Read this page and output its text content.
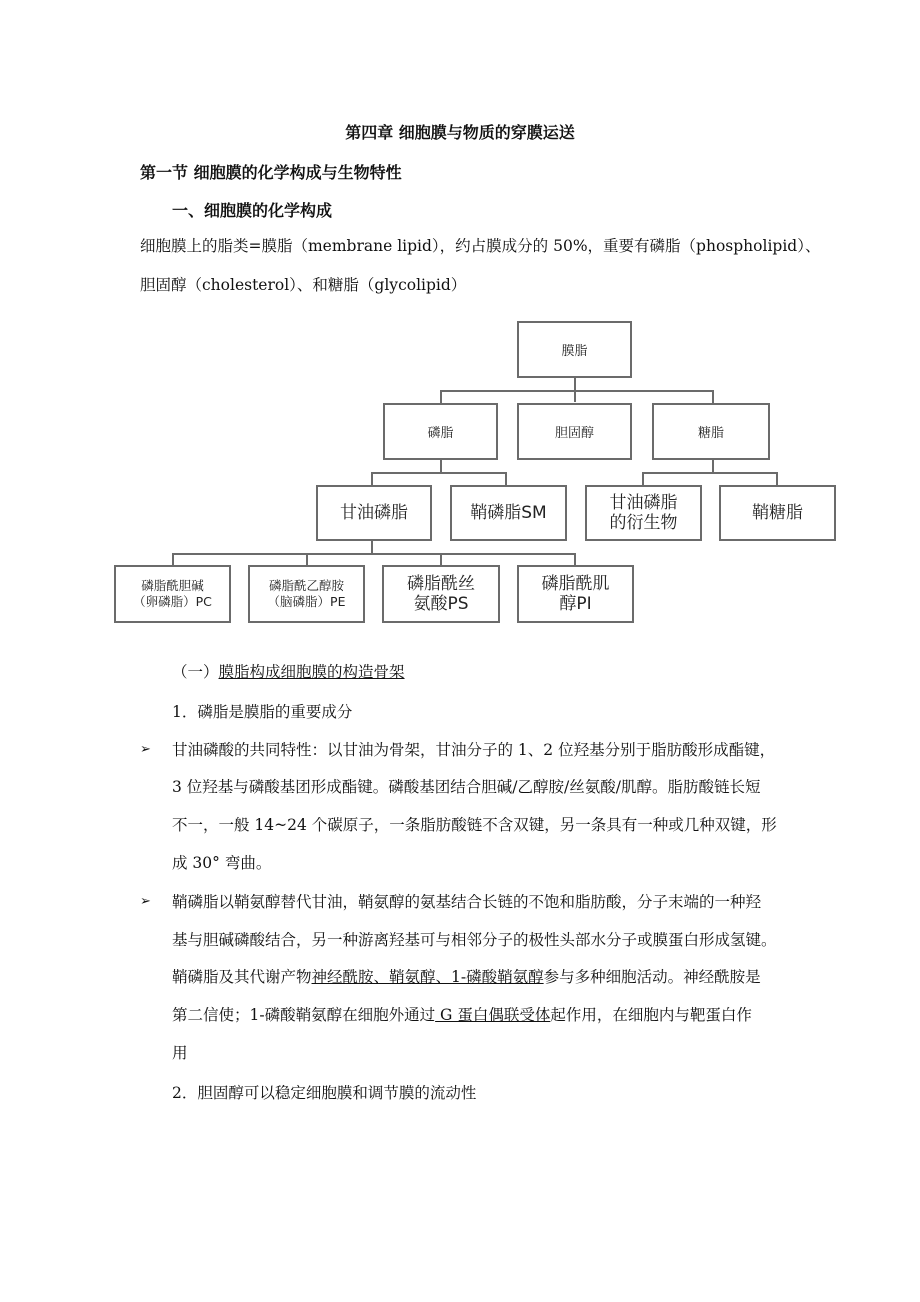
第四章 细胞膜与物质的穿膜运送
第一节 细胞膜的化学构成与生物特性
一、细胞膜的化学构成
细胞膜上的脂类=膜脂（membrane lipid），约占膜成分的 50%，重要有磷脂（phospholipid）、
胆固醇（cholesterol）、和糖脂（glycolipid）
膜脂
磷脂	胆固醇	糖脂
甘油磷脂	鞘磷脂SM	甘油磷脂
的衍生物	鞘糖脂
磷脂酰胆碱
（卵磷脂）PC
磷脂酰乙醇胺
（脑磷脂）PE
磷脂酰丝
氨酸PS
磷脂酰肌
醇PI
（一）膜脂构成细胞膜的构造骨架
1．磷脂是膜脂的重要成分
➢ 甘油磷酸的共同特性：以甘油为骨架，甘油分子的 1、2 位羟基分别于脂肪酸形成酯键，
3 位羟基与磷酸基团形成酯键。磷酸基团结合胆碱/乙醇胺/丝氨酸/肌醇。脂肪酸链长短
不一，一般 14~24 个碳原子，一条脂肪酸链不含双键，另一条具有一种或几种双键，形
成 30° 弯曲。
➢ 鞘磷脂以鞘氨醇替代甘油，鞘氨醇的氨基结合长链的不饱和脂肪酸，分子末端的一种羟
基与胆碱磷酸结合，另一种游离羟基可与相邻分子的极性头部水分子或膜蛋白形成氢键。
鞘磷脂及其代谢产物神经酰胺、鞘氨醇、1-磷酸鞘氨醇参与多种细胞活动。神经酰胺是
第二信使；1-磷酸鞘氨醇在细胞外通过 G 蛋白偶联受体起作用，在细胞内与靶蛋白作
用
2．胆固醇可以稳定细胞膜和调节膜的流动性
